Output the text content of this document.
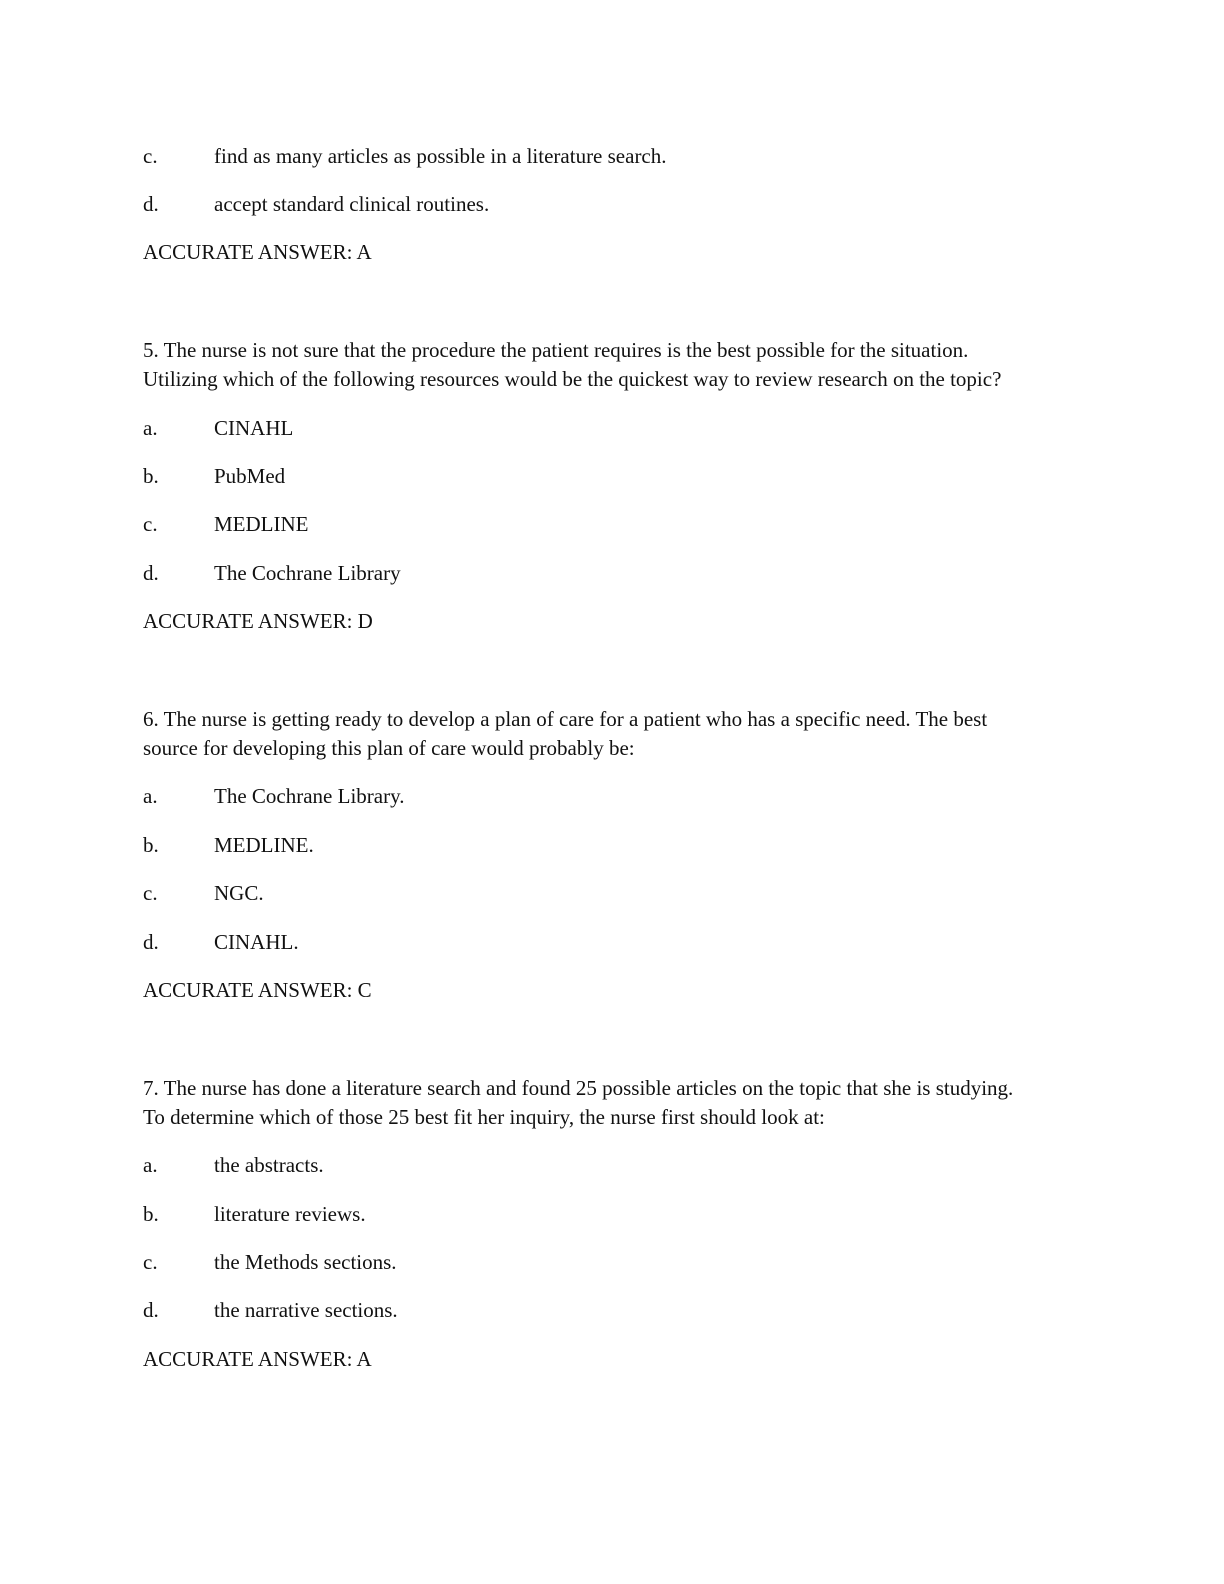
c.	find as many articles as possible in a literature search.
d.	accept standard clinical routines.
ACCURATE ANSWER: A
5. The nurse is not sure that the procedure the patient requires is the best possible for the situation.
Utilizing which of the following resources would be the quickest way to review research on the topic?
a.	CINAHL
b.	PubMed
c.	MEDLINE
d.	The Cochrane Library
ACCURATE ANSWER: D
6. The nurse is getting ready to develop a plan of care for a patient who has a specific need. The best
source for developing this plan of care would probably be:
a.	The Cochrane Library.
b.	MEDLINE.
c.	NGC.
d.	CINAHL.
ACCURATE ANSWER: C
7. The nurse has done a literature search and found 25 possible articles on the topic that she is studying.
To determine which of those 25 best fit her inquiry, the nurse first should look at:
a.	the abstracts.
b.	literature reviews.
c.	the Methods sections.
d.	the narrative sections.
ACCURATE ANSWER: A
